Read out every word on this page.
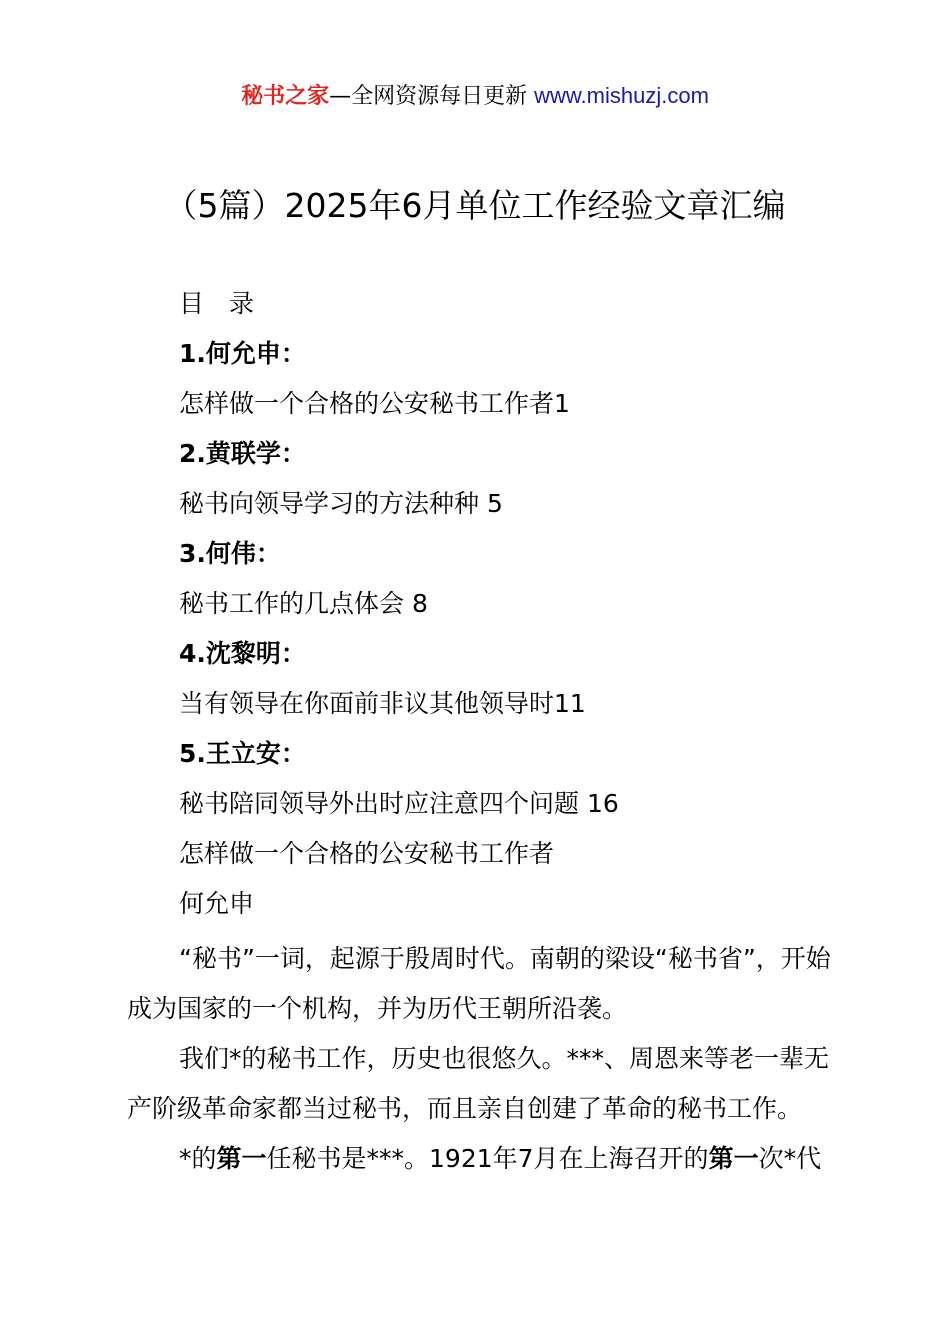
秘书之家—全网资源每日更新 www.mishuzj.com
（5篇）2025年6月单位工作经验文章汇编
目　录
1.何允申：
怎样做一个合格的公安秘书工作者1
2.黄联学：
秘书向领导学习的方法种种 5
3.何伟：
秘书工作的几点体会 8
4.沈黎明：
当有领导在你面前非议其他领导时11
5.王立安：
秘书陪同领导外出时应注意四个问题 16
怎样做一个合格的公安秘书工作者
何允申

“秘书”一词，起源于殷周时代。南朝的梁设“秘书省”，开始成为国家的一个机构，并为历代王朝所沿袭。

我们*的秘书工作，历史也很悠久。***、周恩来等老一辈无产阶级革命家都当过秘书，而且亲自创建了革命的秘书工作。

*的第一任秘书是***。1921年7月在上海召开的第一次*代
